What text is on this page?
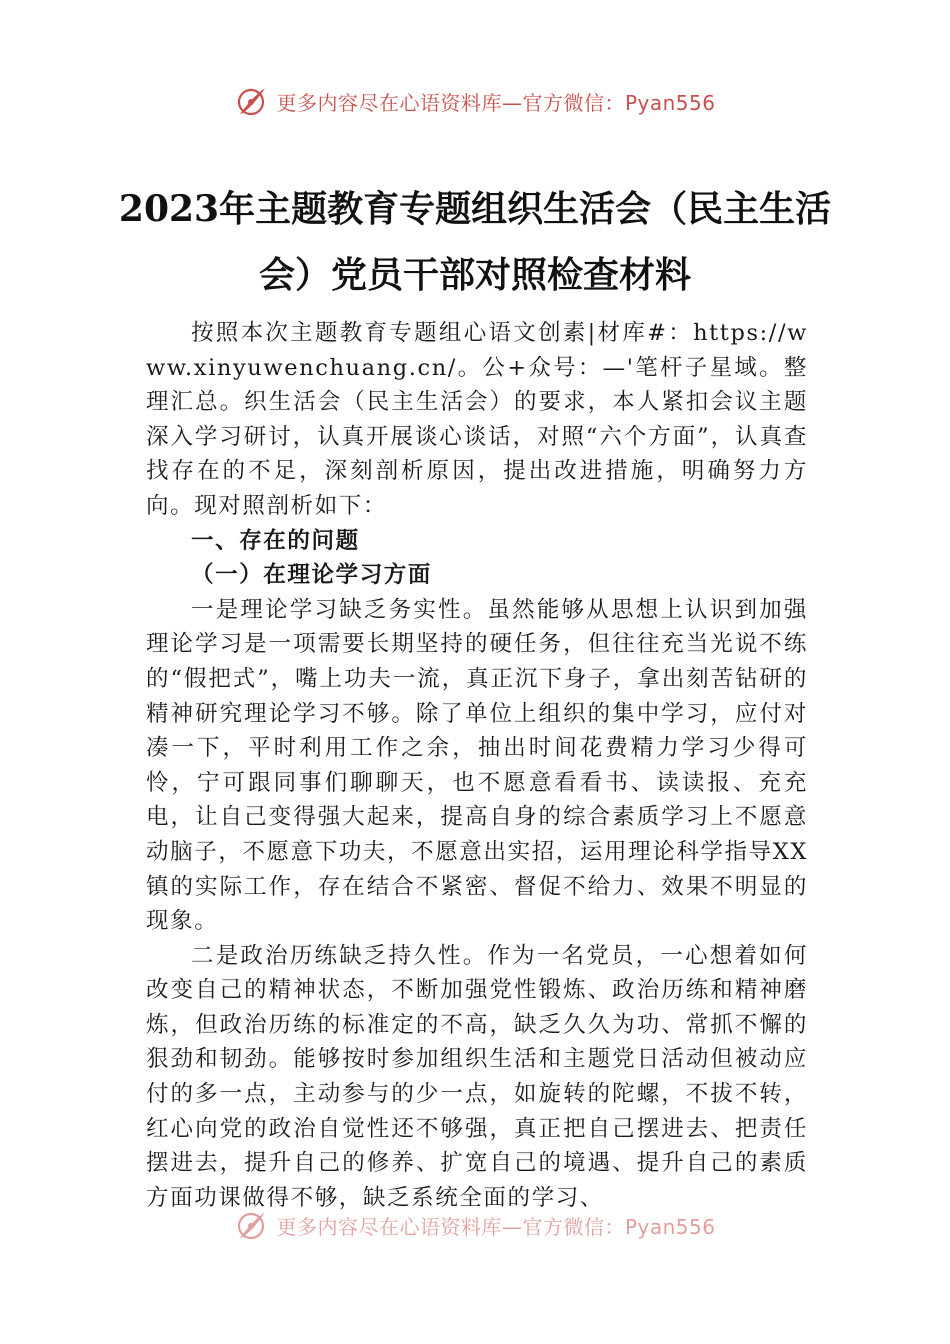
更多内容尽在心语资料库—官方微信：Pyan556
2023年主题教育专题组织生活会（民主生活会）党员干部对照检查材料

按照本次主题教育专题组心语文创素|材库#：https://www.xinyuwenchuang.cn/。公+众号：—'笔杆子星域。整理汇总。织生活会（民主生活会）的要求，本人紧扣会议主题深入学习研讨，认真开展谈心谈话，对照“六个方面”，认真查找存在的不足，深刻剖析原因，提出改进措施，明确努力方向。现对照剖析如下：

一、存在的问题
（一）在理论学习方面

一是理论学习缺乏务实性。虽然能够从思想上认识到加强理论学习是一项需要长期坚持的硬任务，但往往充当光说不练的“假把式”，嘴上功夫一流，真正沉下身子，拿出刻苦钻研的精神研究理论学习不够。除了单位上组织的集中学习，应付对凑一下，平时利用工作之余，抽出时间花费精力学习少得可怜，宁可跟同事们聊聊天，也不愿意看看书、读读报、充充电，让自己变得强大起来，提高自身的综合素质学习上不愿意动脑子，不愿意下功夫，不愿意出实招，运用理论科学指导XX镇的实际工作，存在结合不紧密、督促不给力、效果不明显的现象。

二是政治历练缺乏持久性。作为一名党员，一心想着如何改变自己的精神状态，不断加强党性锻炼、政治历练和精神磨炼，但政治历练的标准定的不高，缺乏久久为功、常抓不懈的狠劲和韧劲。能够按时参加组织生活和主题党日活动但被动应付的多一点，主动参与的少一点，如旋转的陀螺，不拔不转，红心向党的政治自觉性还不够强，真正把自己摆进去、把责任摆进去，提升自己的修养、扩宽自己的境遇、提升自己的素质方面功课做得不够，缺乏系统全面的学习、

更多内容尽在心语资料库—官方微信：Pyan556
